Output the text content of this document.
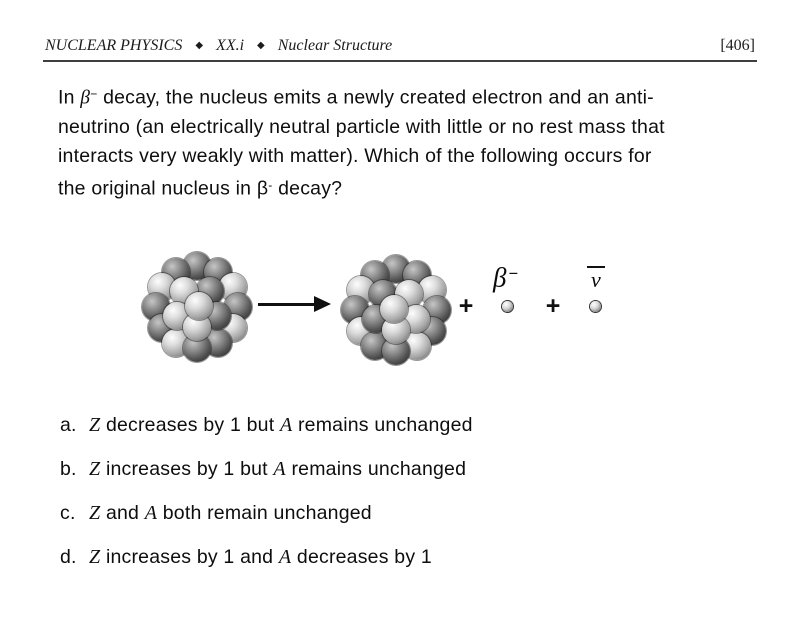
NUCLEAR PHYSICS ◆ XX.i ◆ Nuclear Structure	[406]
In β− decay, the nucleus emits a newly created electron and an anti-
neutrino (an electrically neutral particle with little or no rest mass that
interacts very weakly with matter). Which of the following occurs for
the original nucleus in β- decay?
+
β −
+
v
a. Z decreases by 1 but A remains unchanged
b. Z increases by 1 but A remains unchanged
c. Z and A both remain unchanged
d. Z increases by 1 and A decreases by 1
